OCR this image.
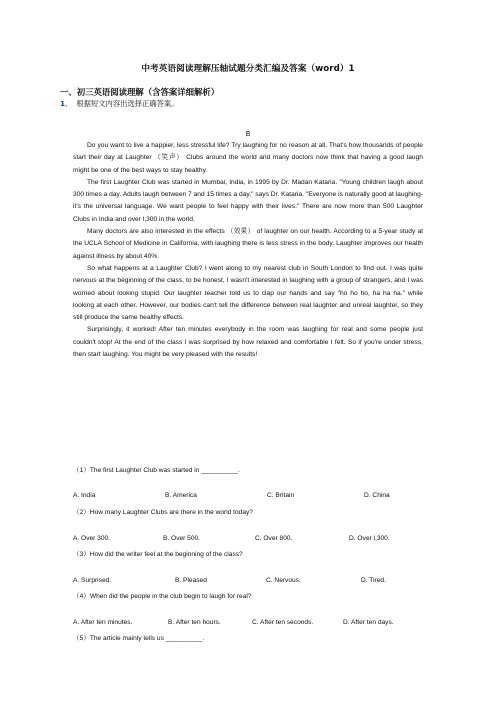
中考英语阅读理解压轴试题分类汇编及答案（word）1
一、初三英语阅读理解（含答案详细解析）
1． 根据短文内容出选择正确答案。
B

Do you want to live a happier, less stressful life? Try laughing for no reason at all. That's how thousands of people start their day at Laughter （笑声） Clubs around the world and many doctors now think that having a good laugh might be one of the best ways to stay healthy.

The first Laughter Club was started in Mumbai, India, in 1995 by Dr. Madan Kataria. "Young children laugh about 300 times a day. Adults laugh between 7 and 15 times a day," says Dr. Kataria. "Everyone is naturally good at laughing-it's the universal language. We want people to feel happy with their lives." There are now more than 500 Laughter Clubs in India and over l,300 in the world.

Many doctors are also interested in the effects （效果） of laughter on our health. According to a 5-year study at the UCLA School of Medicine in California, with laughing there is less stress in the body. Laughter improves our health against illness by about 40%.

So what happens at a Laughter Club? I went along to my nearest club in South London to find out. I was quite nervous at the beginning of the class, to be honest, I wasn't interested in laughing with a group of strangers, and I was worried about looking stupid. Our laughter teacher told us to clap our hands and say "ho ho ho, ha ha ha." while looking at each other. However, our bodies can't tell the difference between real laughter and unreal laughter, so they still produce the same healthy effects.

Surprisingly, it worked! After ten minutes everybody in the room was laughing for real and some people just couldn't stop! At the end of the class I was surprised by how relaxed and comfortable I felt. So if you're under stress, then start laughing. You might be very pleased with the results!

（1）The first Laughter Club was started in __________.
A. India	B. America	C. Britain	D. China
（2）How many Laughter Clubs are there in the world today?
A. Over 300.	B. Over 500.	C. Over 800.	D. Over l,300.
（3）How did the writer feel at the beginning of the class?
A. Surprised.	B. Pleased	C. Nervous.	D. Tired.
（4）When did the people in the club begin to laugh for real?
A. After ten minutes.	B. After ten hours.	C. After ten seconds.	D. After ten days.
（5）The article mainly tells us __________.
